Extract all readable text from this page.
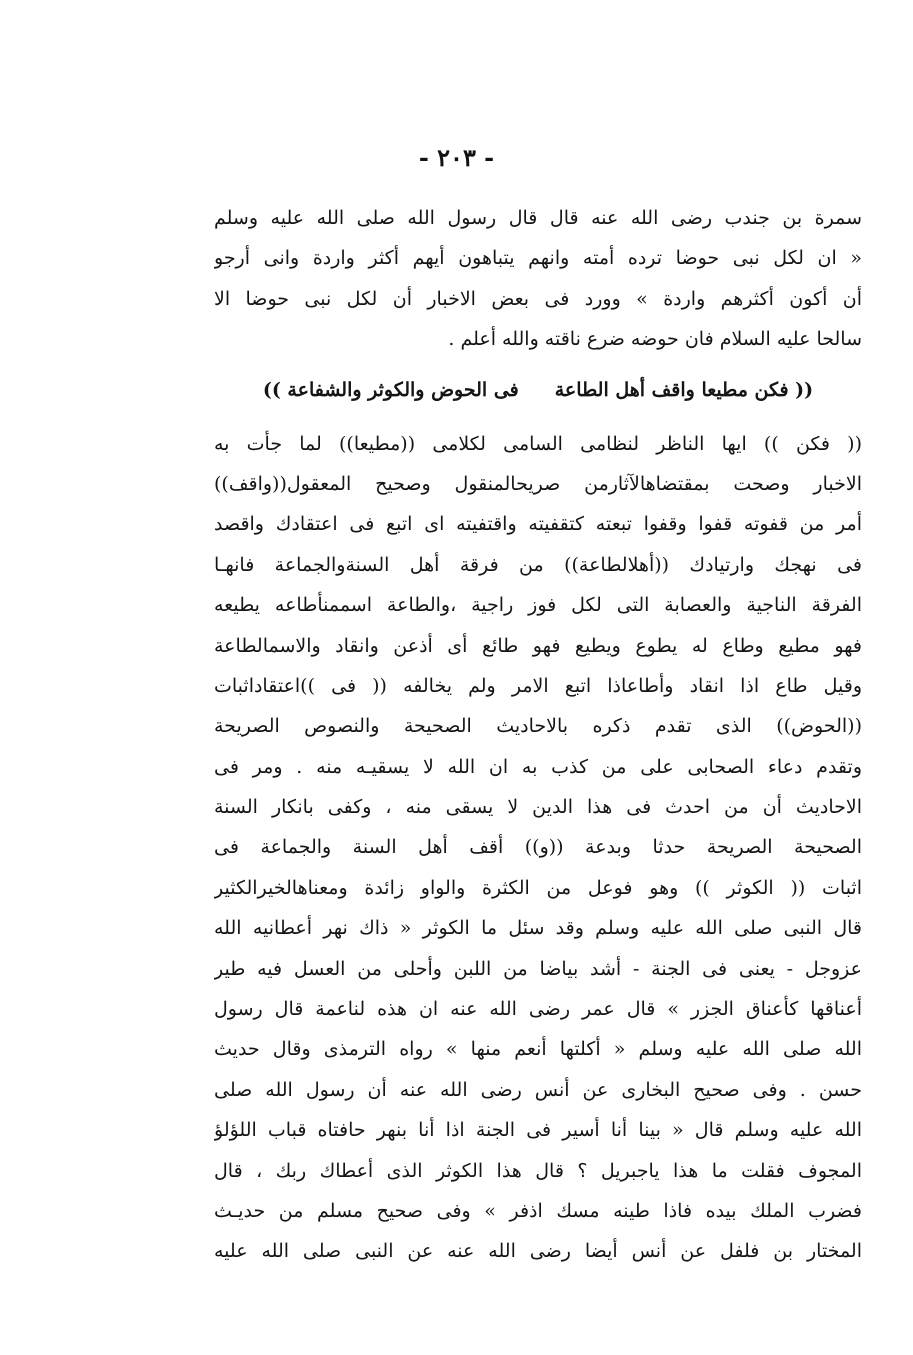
- ٢٠٣ -
سمرة بن جندب رضى الله عنه قال قال رسول الله صلى الله عليه وسلم
« ان لكل نبى حوضا ترده أمته وانهم يتباهون أيهم أكثر واردة وانى أرجو
أن أكون أكثرهم واردة » وورد فى بعض الاخبار أن لكل نبى حوضا الا
سالحا عليه السلام فان حوضه ضرع ناقته والله أعلم .
(( فكن مطيعا واقف أهل الطاعةفى الحوض والكوثر والشفاعة ))
(( فكن )) ايها الناظر لنظامى السامى لكلامى ((مطيعا)) لما جأت به
الاخبار وصحت بمقتضاهالآثارمن صريحالمنقول وصحيح المعقول((واقف))
أمر من قفوته قفوا وقفوا تبعته كتقفيته واقتفيته اى اتبع فى اعتقادك واقصد
فى نهجك وارتيادك ((أهلالطاعة)) من فرقة أهل السنةوالجماعة فانهـا
الفرقة الناجية والعصابة التى لكل فوز راجية ،والطاعة اسممنأطاعه يطيعه
فهو مطيع وطاع له يطوع ويطيع فهو طائع أى أذعن وانقاد والاسمالطاعة
وقيل طاع اذا انقاد وأطاعاذا اتبع الامر ولم يخالفه (( فى ))اعتقاداثبات
((الحوض)) الذى تقدم ذكره بالاحاديث الصحيحة والنصوص الصريحة
وتقدم دعاء الصحابى على من كذب به ان الله لا يسقيـه منه . ومر فى
الاحاديث أن من احدث فى هذا الدين لا يسقى منه ، وكفى بانكار السنة
الصحيحة الصريحة حدثا وبدعة ((و)) أقف أهل السنة والجماعة فى
اثبات (( الكوثر )) وهو فوعل من الكثرة والواو زائدة ومعناهالخيرالكثير
قال النبى صلى الله عليه وسلم وقد سئل ما الكوثر « ذاك نهر أعطانيه الله
عزوجل - يعنى فى الجنة - أشد بياضا من اللبن وأحلى من العسل فيه طير
أعناقها كأعناق الجزر » قال عمر رضى الله عنه ان هذه لناعمة قال رسول
الله صلى الله عليه وسلم « أكلتها أنعم منها » رواه الترمذى وقال حديث
حسن . وفى صحيح البخارى عن أنس رضى الله عنه أن رسول الله صلى
الله عليه وسلم قال « بينا أنا أسير فى الجنة اذا أنا بنهر حافتاه قباب اللؤلؤ
المجوف فقلت ما هذا ياجبريل ؟ قال هذا الكوثر الذى أعطاك ربك ، قال
فضرب الملك بيده فاذا طينه مسك اذفر » وفى صحيح مسلم من حديـث
المختار بن فلفل عن أنس أيضا رضى الله عنه عن النبى صلى الله عليه
